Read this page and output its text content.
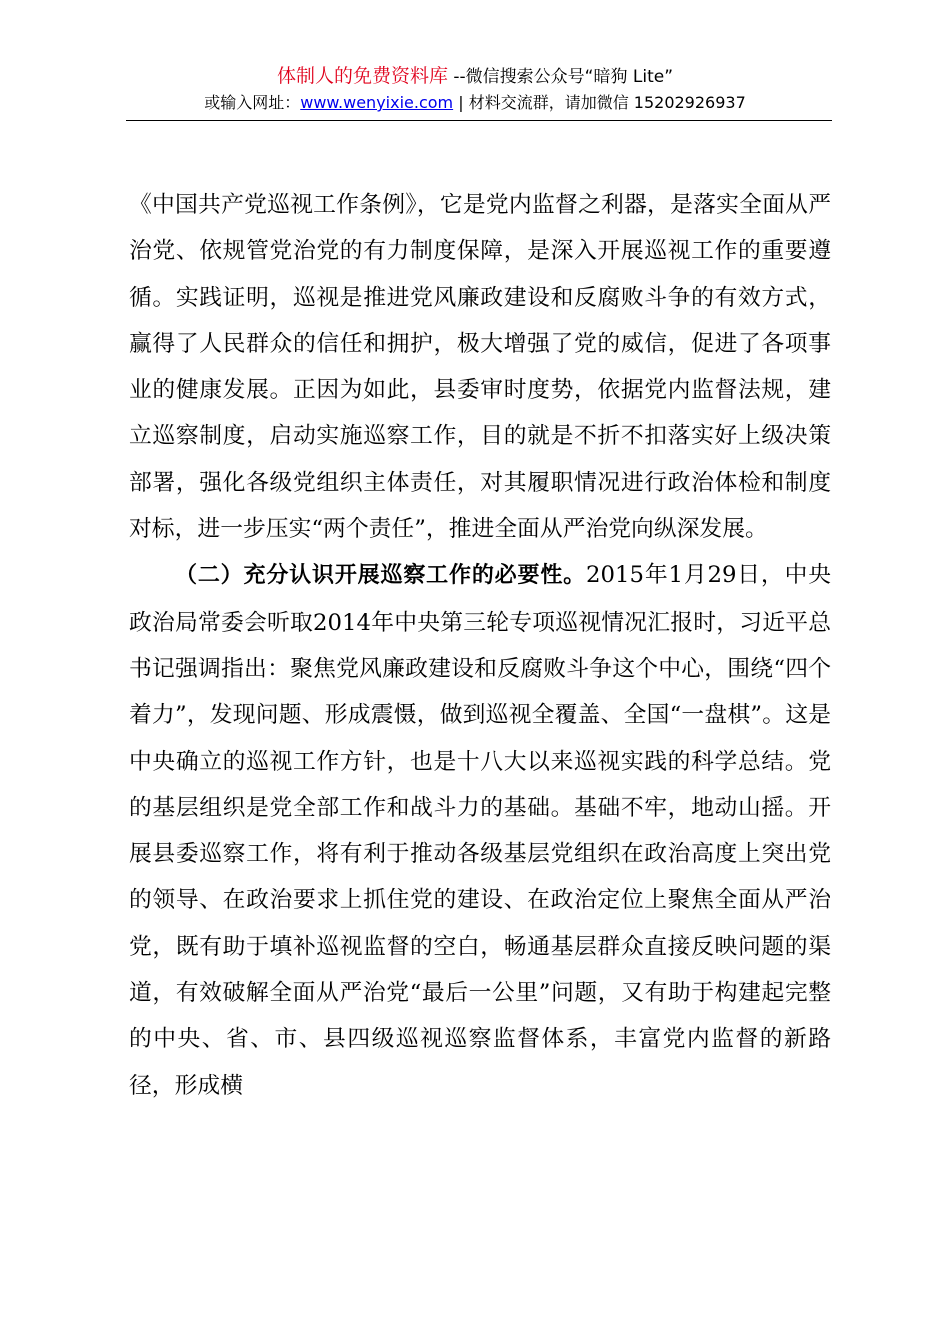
体制人的免费资料库 --微信搜索公众号“暗狗 Lite”
或输入网址：www.wenyixie.com | 材料交流群，请加微信 15202926937

《中国共产党巡视工作条例》，它是党内监督之利器，是落实全面从严治党、依规管党治党的有力制度保障，是深入开展巡视工作的重要遵循。实践证明，巡视是推进党风廉政建设和反腐败斗争的有效方式，赢得了人民群众的信任和拥护，极大增强了党的威信，促进了各项事业的健康发展。正因为如此，县委审时度势，依据党内监督法规，建立巡察制度，启动实施巡察工作，目的就是不折不扣落实好上级决策部署，强化各级党组织主体责任，对其履职情况进行政治体检和制度对标，进一步压实“两个责任”，推进全面从严治党向纵深发展。

（二）充分认识开展巡察工作的必要性。2015年1月29日，中央政治局常委会听取2014年中央第三轮专项巡视情况汇报时，习近平总书记强调指出：聚焦党风廉政建设和反腐败斗争这个中心，围绕“四个着力”，发现问题、形成震慑，做到巡视全覆盖、全国“一盘棋”。这是中央确立的巡视工作方针，也是十八大以来巡视实践的科学总结。党的基层组织是党全部工作和战斗力的基础。基础不牢，地动山摇。开展县委巡察工作，将有利于推动各级基层党组织在政治高度上突出党的领导、在政治要求上抓住党的建设、在政治定位上聚焦全面从严治党，既有助于填补巡视监督的空白，畅通基层群众直接反映问题的渠道，有效破解全面从严治党“最后一公里”问题，又有助于构建起完整的中央、省、市、县四级巡视巡察监督体系，丰富党内监督的新路径，形成横
